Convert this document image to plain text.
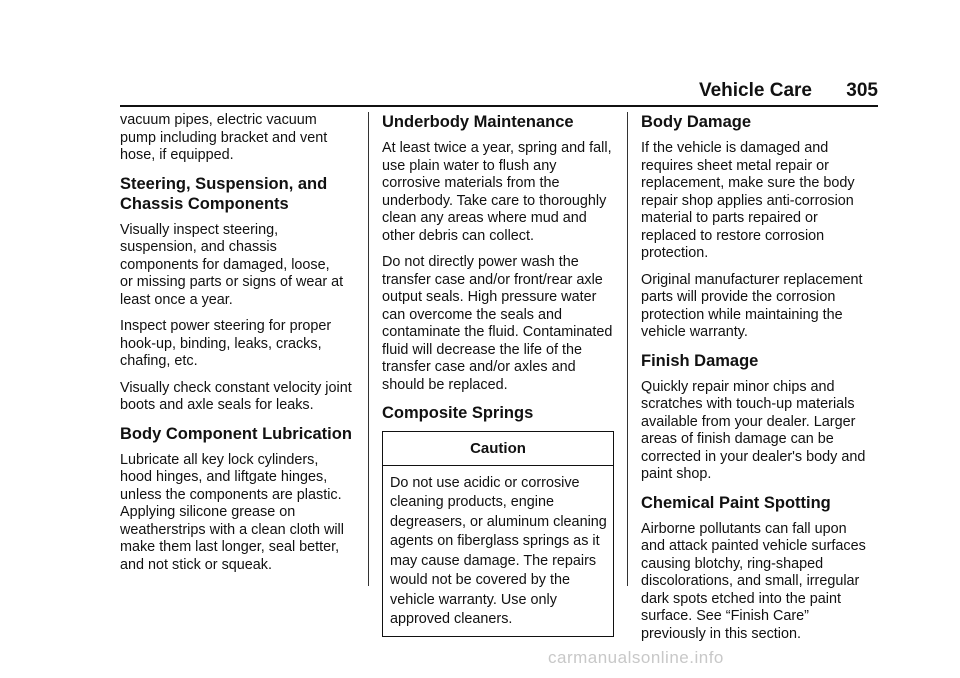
Vehicle Care 305

vacuum pipes, electric vacuum
pump including bracket and vent
hose, if equipped.

Steering, Suspension, and
Chassis Components

Visually inspect steering,
suspension, and chassis
components for damaged, loose,
or missing parts or signs of wear at
least once a year.

Inspect power steering for proper
hook-up, binding, leaks, cracks,
chafing, etc.

Visually check constant velocity joint
boots and axle seals for leaks.

Body Component Lubrication

Lubricate all key lock cylinders,
hood hinges, and liftgate hinges,
unless the components are plastic.
Applying silicone grease on
weatherstrips with a clean cloth will
make them last longer, seal better,
and not stick or squeak.

Underbody Maintenance

At least twice a year, spring and fall,
use plain water to flush any
corrosive materials from the
underbody. Take care to thoroughly
clean any areas where mud and
other debris can collect.

Do not directly power wash the
transfer case and/or front/rear axle
output seals. High pressure water
can overcome the seals and
contaminate the fluid. Contaminated
fluid will decrease the life of the
transfer case and/or axles and
should be replaced.

Composite Springs
Caution
Do not use acidic or corrosive
cleaning products, engine
degreasers, or aluminum cleaning
agents on fiberglass springs as it
may cause damage. The repairs
would not be covered by the
vehicle warranty. Use only
approved cleaners.
Body Damage

If the vehicle is damaged and
requires sheet metal repair or
replacement, make sure the body
repair shop applies anti-corrosion
material to parts repaired or
replaced to restore corrosion
protection.

Original manufacturer replacement
parts will provide the corrosion
protection while maintaining the
vehicle warranty.

Finish Damage

Quickly repair minor chips and
scratches with touch-up materials
available from your dealer. Larger
areas of finish damage can be
corrected in your dealer's body and
paint shop.

Chemical Paint Spotting

Airborne pollutants can fall upon
and attack painted vehicle surfaces
causing blotchy, ring-shaped
discolorations, and small, irregular
dark spots etched into the paint
surface. See “Finish Care”
previously in this section.

carmanualsonline.info
